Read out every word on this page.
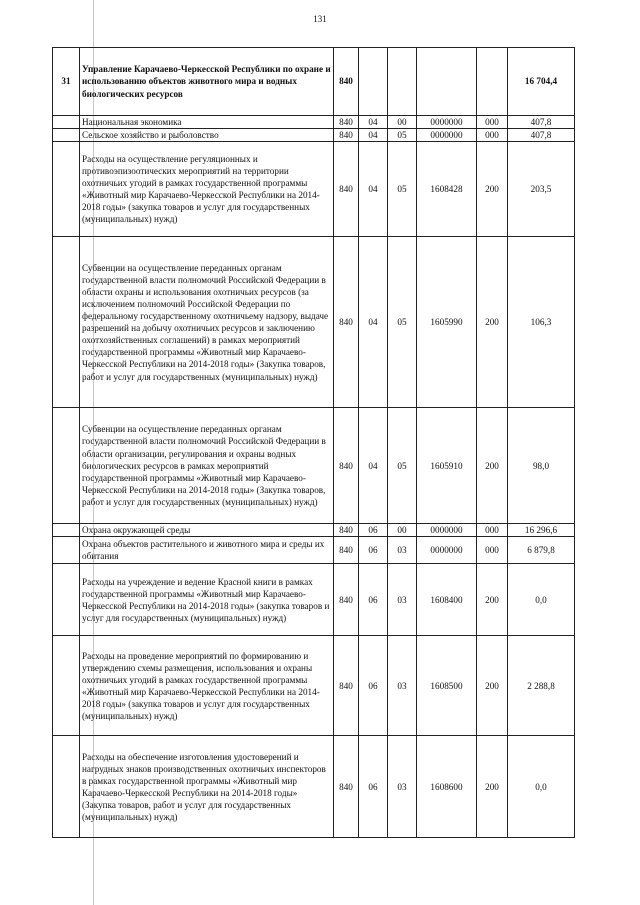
131
31	Управление Карачаево-Черкесской Республики по охране и использованию объектов животного мира и водных биологических ресурсов	840					16 704,4
	Национальная экономика	840	04	00	0000000	000	407,8
	Сельское хозяйство и рыболовство	840	04	05	0000000	000	407,8
	Расходы на осуществление регуляционных и противоэпизоотических мероприятий на территории охотничьих угодий в рамках государственной программы «Животный мир Карачаево-Черкесской Республики на 2014-2018 годы» (закупка товаров и услуг для государственных (муниципальных) нужд)	840	04	05	1608428	200	203,5
	Субвенции на осуществление переданных органам государственной власти полномочий Российской Федерации в области охраны и использования охотничьих ресурсов (за исключением полномочий Российской Федерации по федеральному государственному охотничьему надзору, выдаче разрешений на добычу охотничьих ресурсов и заключению охотхозяйственных соглашений) в рамках мероприятий государственной программы «Животный мир Карачаево-Черкесской Республики на 2014-2018 годы» (Закупка товаров, работ и услуг для государственных (муниципальных) нужд)	840	04	05	1605990	200	106,3
	Субвенции на осуществление переданных органам государственной власти полномочий Российской Федерации в области организации, регулирования и охраны водных биологических ресурсов в рамках мероприятий государственной программы «Животный мир Карачаево-Черкесской Республики на 2014-2018 годы» (Закупка товаров, работ и услуг для государственных (муниципальных) нужд)	840	04	05	1605910	200	98,0
	Охрана окружающей среды	840	06	00	0000000	000	16 296,6
	Охрана объектов растительного и животного мира и среды их обитания	840	06	03	0000000	000	6 879,8
	Расходы на учреждение и ведение Красной книги в рамках государственной программы «Животный мир Карачаево-Черкесской Республики на 2014-2018 годы» (закупка товаров и услуг для государственных (муниципальных) нужд)	840	06	03	1608400	200	0,0
	Расходы на проведение мероприятий по формированию и утверждению схемы размещения, использования и охраны охотничьих угодий в рамках государственной программы «Животный мир Карачаево-Черкесской Республики на 2014-2018 годы» (закупка товаров и услуг для государственных (муниципальных) нужд)	840	06	03	1608500	200	2 288,8
	Расходы на обеспечение изготовления удостоверений и нагрудных знаков производственных охотничьих инспекторов в рамках государственной программы «Животный мир Карачаево-Черкесской Республики на 2014-2018 годы» (Закупка товаров, работ и услуг для государственных (муниципальных) нужд)	840	06	03	1608600	200	0,0
